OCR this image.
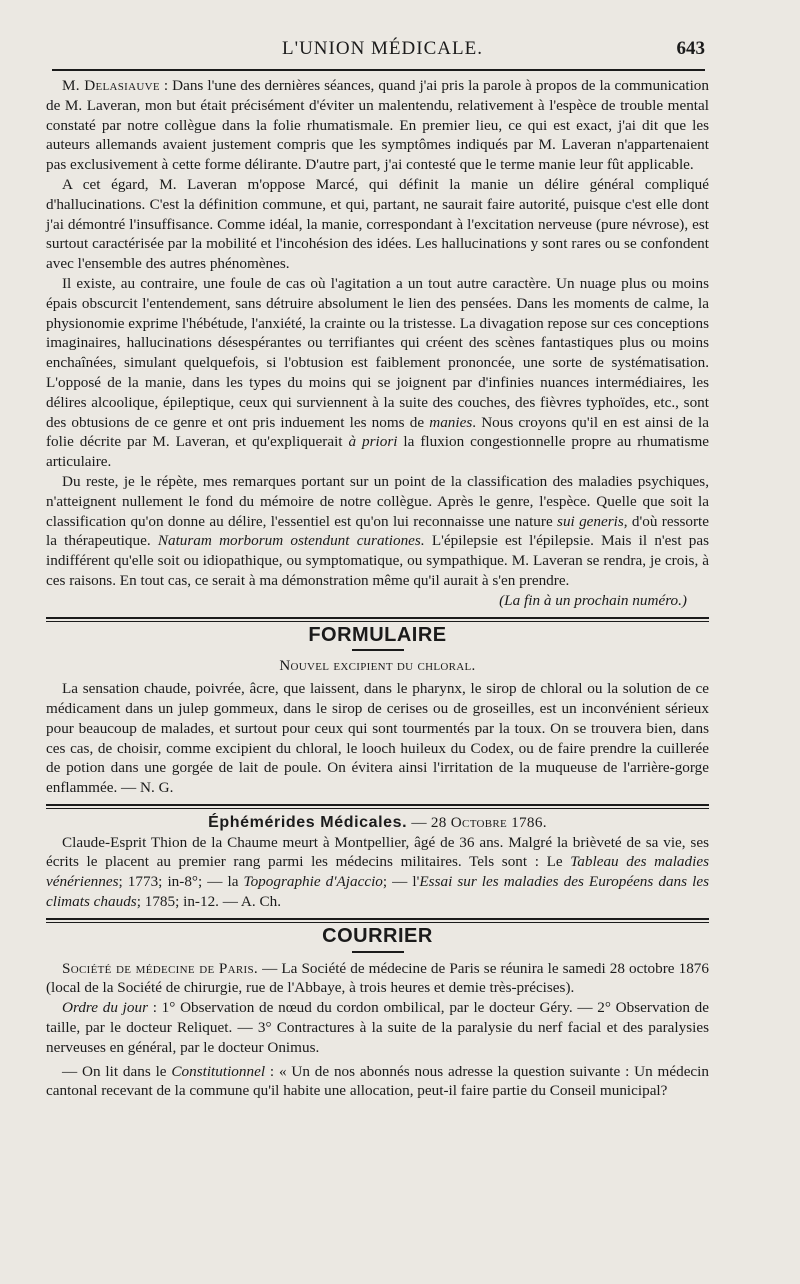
L'UNION MÉDICALE.	643

M. Delasiauve : Dans l'une des dernières séances, quand j'ai pris la parole à propos de la communication de M. Laveran, mon but était précisément d'éviter un malentendu, relativement à l'espèce de trouble mental constaté par notre collègue dans la folie rhumatismale. En premier lieu, ce qui est exact, j'ai dit que les auteurs allemands avaient justement compris que les symptômes indiqués par M. Laveran n'appartenaient pas exclusivement à cette forme délirante. D'autre part, j'ai contesté que le terme manie leur fût applicable.

A cet égard, M. Laveran m'oppose Marcé, qui définit la manie un délire général compliqué d'hallucinations. C'est la définition commune, et qui, partant, ne saurait faire autorité, puisque c'est elle dont j'ai démontré l'insuffisance. Comme idéal, la manie, correspondant à l'excitation nerveuse (pure névrose), est surtout caractérisée par la mobilité et l'incohésion des idées. Les hallucinations y sont rares ou se confondent avec l'ensemble des autres phénomènes.

Il existe, au contraire, une foule de cas où l'agitation a un tout autre caractère. Un nuage plus ou moins épais obscurcit l'entendement, sans détruire absolument le lien des pensées. Dans les moments de calme, la physionomie exprime l'hébétude, l'anxiété, la crainte ou la tristesse. La divagation repose sur ces conceptions imaginaires, hallucinations désespérantes ou terrifiantes qui créent des scènes fantastiques plus ou moins enchaînées, simulant quelquefois, si l'obtusion est faiblement prononcée, une sorte de systématisation. L'opposé de la manie, dans les types du moins qui se joignent par d'infinies nuances intermédiaires, les délires alcoolique, épileptique, ceux qui surviennent à la suite des couches, des fièvres typhoïdes, etc., sont des obtusions de ce genre et ont pris induement les noms de manies. Nous croyons qu'il en est ainsi de la folie décrite par M. Laveran, et qu'expliquerait à priori la fluxion congestionnelle propre au rhumatisme articulaire.

Du reste, je le répète, mes remarques portant sur un point de la classification des maladies psychiques, n'atteignent nullement le fond du mémoire de notre collègue. Après le genre, l'espèce. Quelle que soit la classification qu'on donne au délire, l'essentiel est qu'on lui reconnaisse une nature sui generis, d'où ressorte la thérapeutique. Naturam morborum ostendunt curationes. L'épilepsie est l'épilepsie. Mais il n'est pas indifférent qu'elle soit ou idiopathique, ou symptomatique, ou sympathique. M. Laveran se rendra, je crois, à ces raisons. En tout cas, ce serait à ma démonstration même qu'il aurait à s'en prendre.

(La fin à un prochain numéro.)
FORMULAIRE
Nouvel excipient du chloral.

La sensation chaude, poivrée, âcre, que laissent, dans le pharynx, le sirop de chloral ou la solution de ce médicament dans un julep gommeux, dans le sirop de cerises ou de groseilles, est un inconvénient sérieux pour beaucoup de malades, et surtout pour ceux qui sont tourmentés par la toux. On se trouvera bien, dans ces cas, de choisir, comme excipient du chloral, le looch huileux du Codex, ou de faire prendre la cuillerée de potion dans une gorgée de lait de poule. On évitera ainsi l'irritation de la muqueuse de l'arrière-gorge enflammée. — N. G.

Éphémérides Médicales. — 28 Octobre 1786.

Claude-Esprit Thion de la Chaume meurt à Montpellier, âgé de 36 ans. Malgré la brièveté de sa vie, ses écrits le placent au premier rang parmi les médecins militaires. Tels sont : Le Tableau des maladies vénériennes; 1773; in-8°; — la Topographie d'Ajaccio; — l'Essai sur les maladies des Européens dans les climats chauds; 1785; in-12. — A. Ch.

COURRIER

Société de médecine de Paris. — La Société de médecine de Paris se réunira le samedi 28 octobre 1876 (local de la Société de chirurgie, rue de l'Abbaye, à trois heures et demie très-précises).

Ordre du jour : 1° Observation de nœud du cordon ombilical, par le docteur Géry. — 2° Observation de taille, par le docteur Reliquet. — 3° Contractures à la suite de la paralysie du nerf facial et des paralysies nerveuses en général, par le docteur Onimus.

— On lit dans le Constitutionnel : « Un de nos abonnés nous adresse la question suivante : Un médecin cantonal recevant de la commune qu'il habite une allocation, peut-il faire partie du Conseil municipal?
